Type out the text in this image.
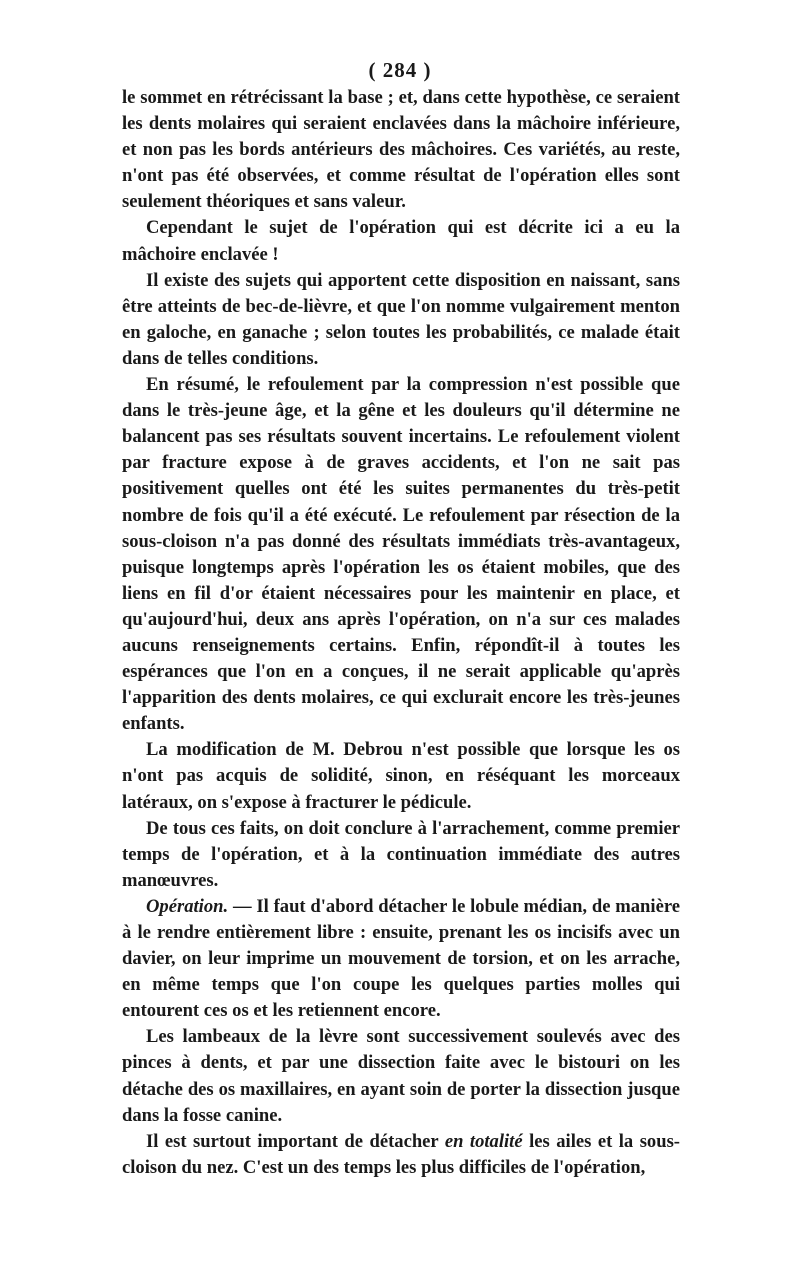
( 284 )

le sommet en rétrécissant la base ; et, dans cette hypothèse, ce seraient les dents molaires qui seraient enclavées dans la mâchoire inférieure, et non pas les bords antérieurs des mâchoires. Ces variétés, au reste, n'ont pas été observées, et comme résultat de l'opération elles sont seulement théoriques et sans valeur.

Cependant le sujet de l'opération qui est décrite ici a eu la mâchoire enclavée !

Il existe des sujets qui apportent cette disposition en naissant, sans être atteints de bec-de-lièvre, et que l'on nomme vulgairement menton en galoche, en ganache ; selon toutes les probabilités, ce malade était dans de telles conditions.

En résumé, le refoulement par la compression n'est possible que dans le très-jeune âge, et la gêne et les douleurs qu'il détermine ne balancent pas ses résultats souvent incertains. Le refoulement violent par fracture expose à de graves accidents, et l'on ne sait pas positivement quelles ont été les suites permanentes du très-petit nombre de fois qu'il a été exécuté. Le refoulement par résection de la sous-cloison n'a pas donné des résultats immédiats très-avantageux, puisque longtemps après l'opération les os étaient mobiles, que des liens en fil d'or étaient nécessaires pour les maintenir en place, et qu'aujourd'hui, deux ans après l'opération, on n'a sur ces malades aucuns renseignements certains. Enfin, répondît-il à toutes les espérances que l'on en a conçues, il ne serait applicable qu'après l'apparition des dents molaires, ce qui exclurait encore les très-jeunes enfants.

La modification de M. Debrou n'est possible que lorsque les os n'ont pas acquis de solidité, sinon, en réséquant les morceaux latéraux, on s'expose à fracturer le pédicule.

De tous ces faits, on doit conclure à l'arrachement, comme premier temps de l'opération, et à la continuation immédiate des autres manœuvres.

Opération. — Il faut d'abord détacher le lobule médian, de manière à le rendre entièrement libre : ensuite, prenant les os incisifs avec un davier, on leur imprime un mouvement de torsion, et on les arrache, en même temps que l'on coupe les quelques parties molles qui entourent ces os et les retiennent encore.

Les lambeaux de la lèvre sont successivement soulevés avec des pinces à dents, et par une dissection faite avec le bistouri on les détache des os maxillaires, en ayant soin de porter la dissection jusque dans la fosse canine.

Il est surtout important de détacher en totalité les ailes et la sous-cloison du nez. C'est un des temps les plus difficiles de l'opération,
